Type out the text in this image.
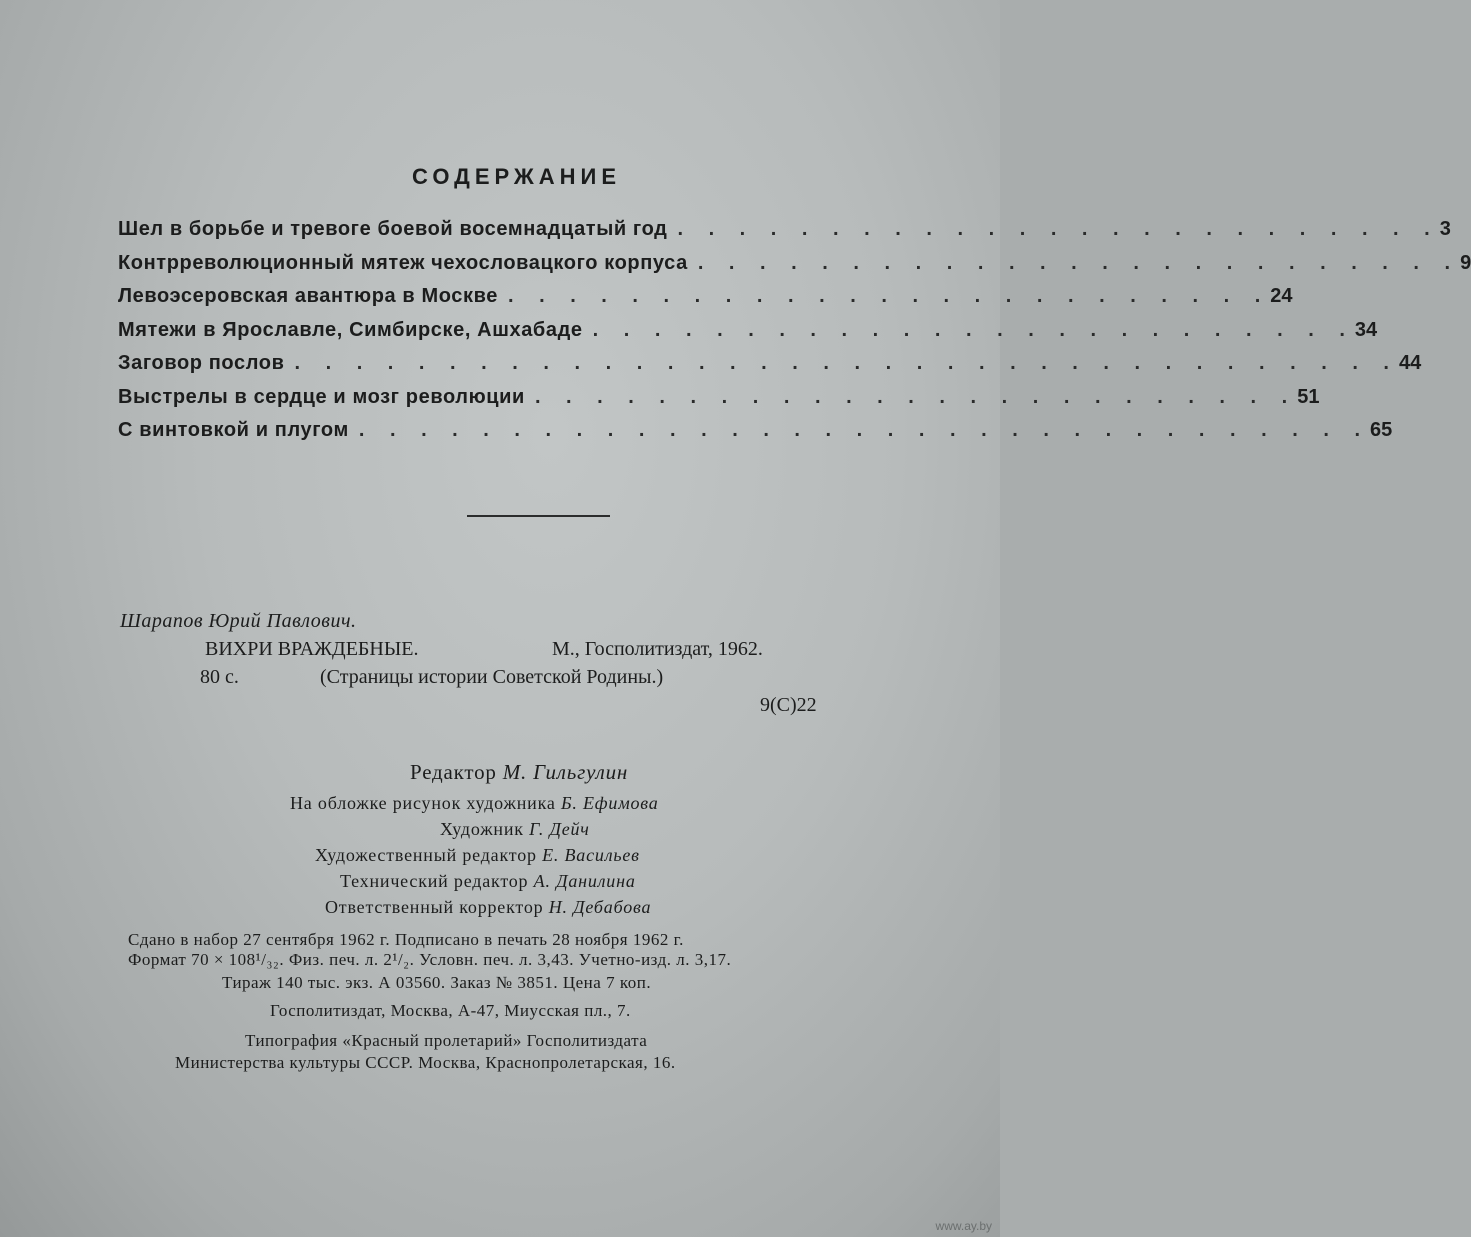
СОДЕРЖАНИЕ
Шел в борьбе и тревоге боевой восемнадцатый год . . . . . . . . . . . . . . . . . . . . . . . . . 3
Контрреволюционный мятеж чехословацкого корпуса . . . . . . . . . . . . . . . . . . . . . . . . . 9
Левоэсеровская авантюра в Москве . . . . . . . . . . . . . . . . . . . . . . . . . 24
Мятежи в Ярославле, Симбирске, Ашхабаде . . . . . . . . . . . . . . . . . . . . . . . . . 34
Заговор послов . . . . . . . . . . . . . . . . . . . . . . . . . . . . . . . . . . . . 44
Выстрелы в сердце и мозг революции . . . . . . . . . . . . . . . . . . . . . . . . . 51
С винтовкой и плугом . . . . . . . . . . . . . . . . . . . . . . . . . . . . . . . . . 65
Шарапов Юрий Павлович.
ВИХРИ ВРАЖДЕБНЫЕ.	М., Госполитиздат, 1962.
80 с.	(Страницы истории Советской Родины.)
9(С)22
Редактор М. Гильгулин
На обложке рисунок художника Б. Ефимова
Художник Г. Дейч
Художественный редактор Е. Васильев
Технический редактор А. Данилина
Ответственный корректор Н. Дебабова
Сдано в набор 27 сентября 1962 г. Подписано в печать 28 ноября 1962 г.
Формат 70 × 108¹/₃₂. Физ. печ. л. 2¹/₂. Условн. печ. л. 3,43. Учетно-изд. л. 3,17.
Тираж 140 тыс. экз. А 03560. Заказ № 3851. Цена 7 коп.
Госполитиздат, Москва, А-47, Миусская пл., 7.
Типография «Красный пролетарий» Госполитиздата
Министерства культуры СССР. Москва, Краснопролетарская, 16.
www.ay.by
